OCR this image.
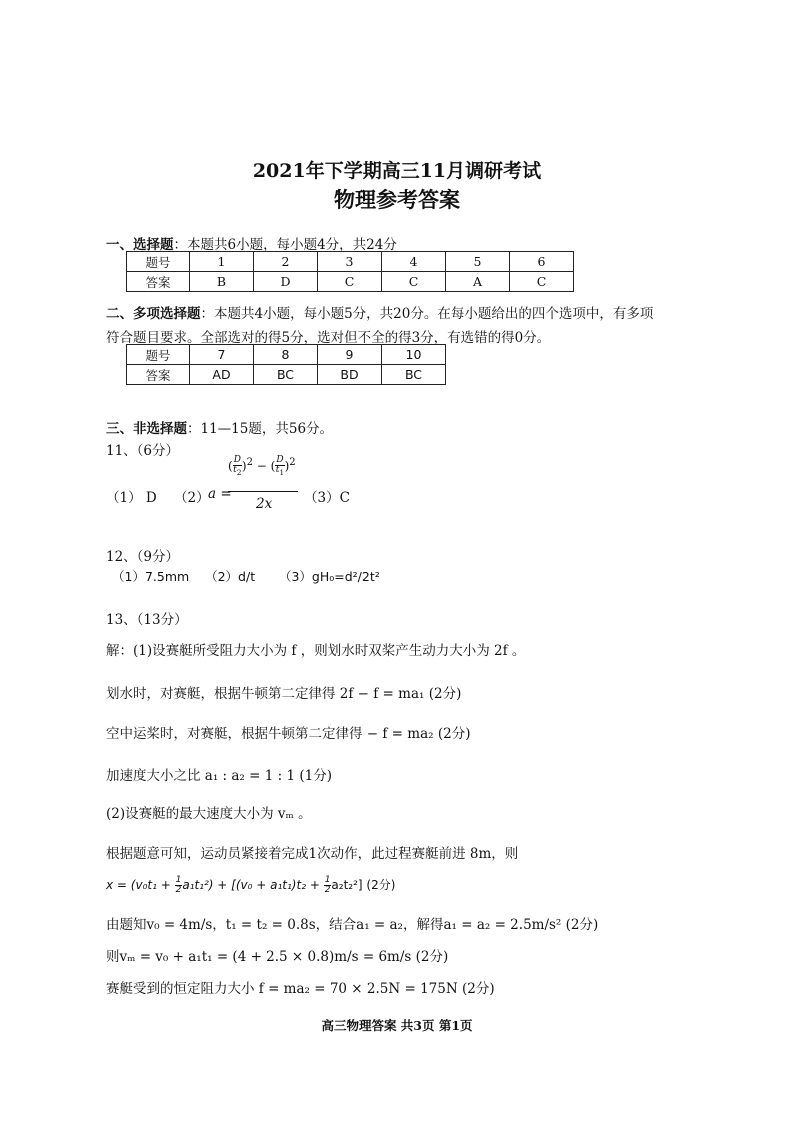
2021年下学期高三11月调研考试
物理参考答案
一、选择题：本题共6小题，每小题4分，共24分
题号	1	2	3	4	5	6
答案	B	D	C	C	A	C
二、多项选择题：本题共4小题，每小题5分，共20分。在每小题给出的四个选项中，有多项
符合题目要求。全部选对的得5分，选对但不全的得3分，有选错的得0分。
题号	7	8	9	10
答案	AD	BC	BD	BC
三、非选择题：11—15题，共56分。
11、（6分）
（1） D （2）
a =
( $\frac{D}{t_2} )^2$ − ( $\frac{D}{t_1} )^2$
2x （3）C
12、（9分）
（1）7.5mm （2）d/t （3）gH₀=d²/2t²
13、（13分）
解：(1)设赛艇所受阻力大小为 f ，则划水时双桨产生动力大小为 2f 。
划水时，对赛艇，根据牛顿第二定律得 2f − f = ma₁ (2分)
空中运桨时，对赛艇，根据牛顿第二定律得 − f = ma₂ (2分)
加速度大小之比 a₁ : a₂ = 1 : 1 (1分)
(2)设赛艇的最大速度大小为 vₘ 。
根据题意可知，运动员紧接着完成1次动作，此过程赛艇前进 8m，则
$x = (v_0t_1 + \frac{1}{2} a_1t_1^2) + [(v_0 + a_1t_1)t_2 + \frac{1}{2} a_2t_2^2]$ (2分)
由题知v₀ = 4m/s，t₁ = t₂ = 0.8s，结合a₁ = a₂，解得a₁ = a₂ = 2.5m/s² (2分)
则vₘ = v₀ + a₁t₁ = (4 + 2.5 × 0.8)m/s = 6m/s (2分)
赛艇受到的恒定阻力大小 f = ma₂ = 70 × 2.5N = 175N (2分)
高三物理答案 共3页 第1页
